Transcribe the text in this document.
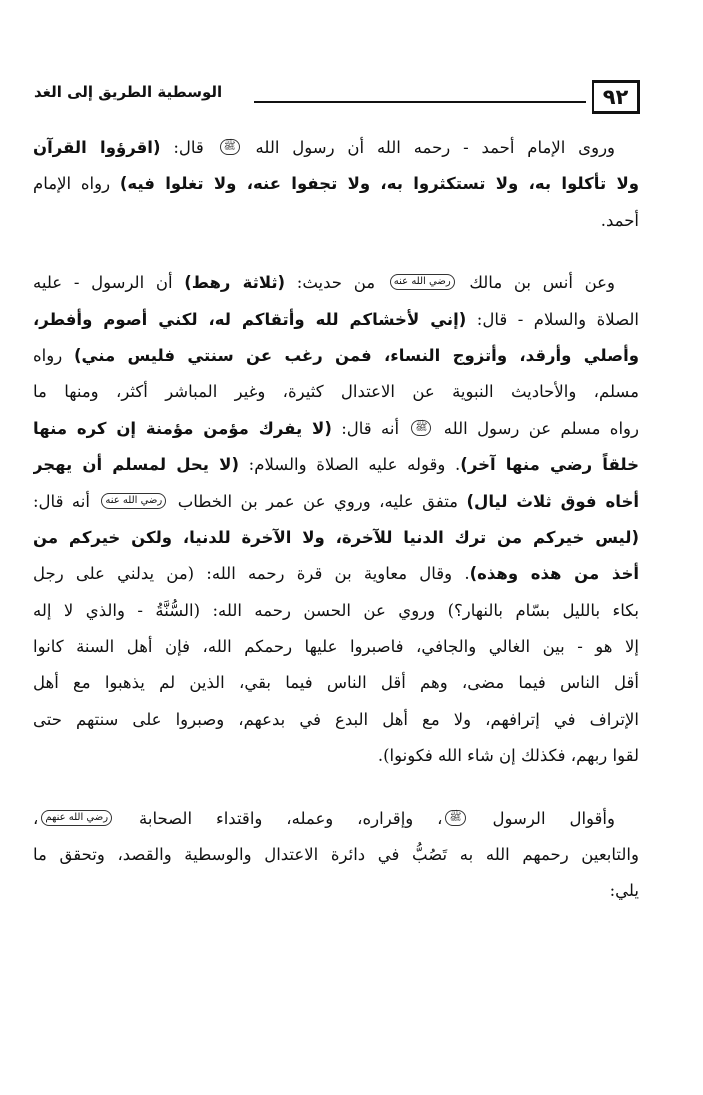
٩٢
الوسطية الطريق إلى الغد
وروى الإمام أحمد - رحمه الله أن رسول الله ﷺ قال: (اقرؤوا القرآن
ولا تأكلوا به، ولا تستكثروا به، ولا تجفوا عنه، ولا تغلوا فيه) رواه الإمام
أحمد.
وعن أنس بن مالك رضي الله عنه من حديث: (ثلاثة رهط) أن الرسول - عليه
الصلاة والسلام - قال: (إني لأخشاكم لله وأتقاكم له، لكني أصوم وأفطر،
وأصلي وأرقد، وأتزوج النساء، فمن رغب عن سنتي فليس مني) رواه
مسلم، والأحاديث النبوية عن الاعتدال كثيرة، وغير المباشر أكثر، ومنها ما
رواه مسلم عن رسول الله ﷺ أنه قال: (لا يفرك مؤمن مؤمنة إن كره منها
خلقاً رضي منها آخر). وقوله عليه الصلاة والسلام: (لا يحل لمسلم أن يهجر
أخاه فوق ثلاث ليال) متفق عليه، وروي عن عمر بن الخطاب رضي الله عنه أنه قال:
(ليس خيركم من ترك الدنيا للآخرة، ولا الآخرة للدنيا، ولكن خيركم من
أخذ من هذه وهذه). وقال معاوية بن قرة رحمه الله: (من يدلني على رجل
بكاء بالليل بسّام بالنهار؟) وروي عن الحسن رحمه الله: (السُّنَّةُ - والذي لا إله
إلا هو - بين الغالي والجافي، فاصبروا عليها رحمكم الله، فإن أهل السنة كانوا
أقل الناس فيما مضى، وهم أقل الناس فيما بقي، الذين لم يذهبوا مع أهل
الإتراف في إترافهم، ولا مع أهل البدع في بدعهم، وصبروا على سنتهم حتى
لقوا ربهم، فكذلك إن شاء الله فكونوا).
وأقوال الرسول ﷺ، وإقراره، وعمله، واقتداء الصحابة رضي الله عنهم،
والتابعين رحمهم الله به تَصُبُّ في دائرة الاعتدال والوسطية والقصد، وتحقق ما
يلي:
